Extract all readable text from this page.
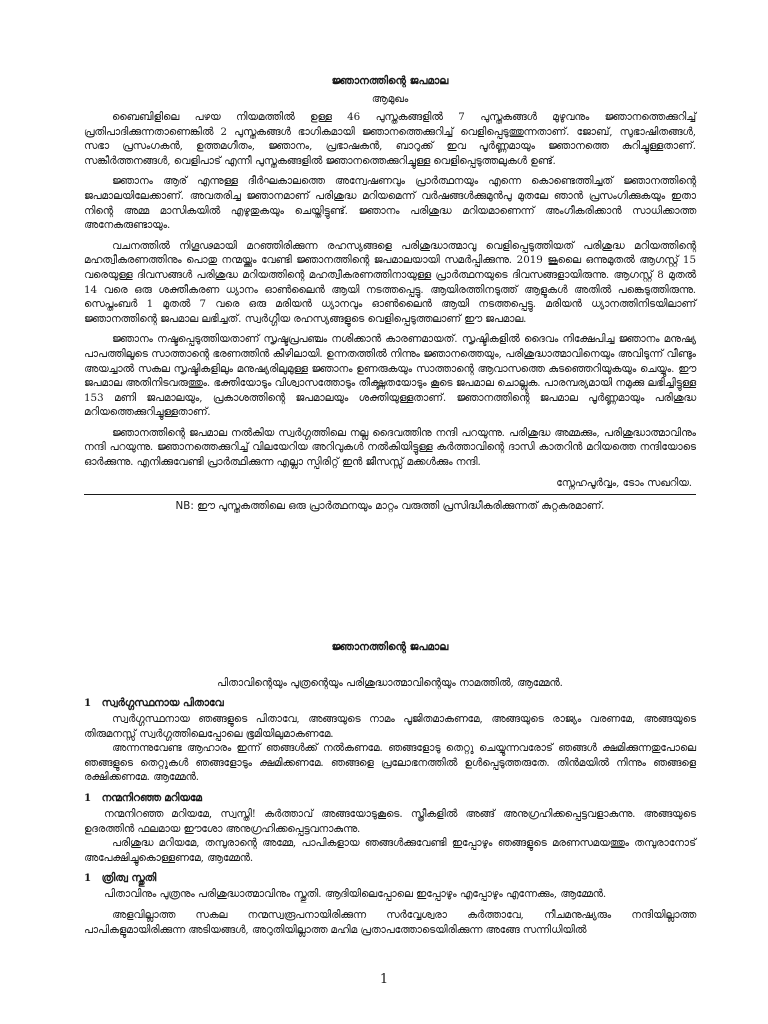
ജ്ഞാനത്തിന്റെ ജപമാല
ആമുഖം

ബൈബിളിലെ പഴയ നിയമത്തിൽ ഉള്ള 46 പുസ്തകങ്ങളിൽ 7 പുസ്തകങ്ങൾ മുഴുവനും ജ്ഞാനത്തെക്കുറിച്ച് പ്രതിപാദിക്കുന്നതാണെങ്കിൽ 2 പുസ്തകങ്ങൾ ഭാഗികമായി ജ്ഞാനത്തെക്കുറിച്ച് വെളിപ്പെടുത്തുന്നതാണ്. ജോബ്, സുഭാഷിതങ്ങൾ, സഭാ പ്രസംഗകൻ, ഉത്തമഗീതം, ജ്ഞാനം, പ്രഭാഷകൻ, ബാറുക്ക് ഇവ പൂർണ്ണമായും ജ്ഞാനത്തെ കുറിച്ചുള്ളതാണ്. സങ്കീർത്തനങ്ങൾ, വെളിപാട് എന്നീ പുസ്തകങ്ങളിൽ ജ്ഞാനത്തെക്കുറിച്ചുള്ള വെളിപ്പെടുത്തലുകൾ ഉണ്ട്.

ജ്ഞാനം ആര് എന്നുള്ള ദീർഘകാലത്തെ അന്വേഷണവും പ്രാർത്ഥനയും എന്നെ കൊണ്ടെത്തിച്ചത് ജ്ഞാനത്തിന്റെ ജപമാലയിലേക്കാണ്. അവതരിച്ച ജ്ഞാനമാണ് പരിശുദ്ധ മറിയമെന്ന് വർഷങ്ങൾക്കുമുൻപു മുതലേ ഞാൻ പ്രസംഗിക്കുകയും ഇതാ നിന്റെ അമ്മ മാസികയിൽ എഴുതുകയും ചെയ്തിട്ടുണ്ട്. ജ്ഞാനം പരിശുദ്ധ മറിയമാണെന്ന് അംഗീകരിക്കാൻ സാധിക്കാത്ത അനേകരുണ്ടായും.

വചനത്തിൽ നിഗൂഢമായി മറഞ്ഞിരിക്കുന്ന രഹസ്യങ്ങളെ പരിശുദ്ധാത്മാവു വെളിപ്പെടുത്തിയത് പരിശുദ്ധ മറിയത്തിന്റെ മഹത്വീകരണത്തിനും പൊതു നന്മയ്ക്കും വേണ്ടി ജ്ഞാനത്തിന്റെ ജപമാലയായി സമർപ്പിക്കുന്നു. 2019 ജൂലൈ ഒന്നുമുതൽ ആഗസ്റ്റ് 15 വരെയുള്ള ദിവസങ്ങൾ പരിശുദ്ധ മറിയത്തിന്റെ മഹത്വീകരണത്തിനായുള്ള പ്രാർത്ഥനയുടെ ദിവസങ്ങളായിരുന്നു. ആഗസ്റ്റ് 8 മുതൽ 14 വരെ ഒരു ശക്തീകരണ ധ്യാനം ഓൺലൈൻ ആയി നടത്തപ്പെട്ടു. ആയിരത്തിനടുത്ത് ആളുകൾ അതിൽ പങ്കെടുത്തിരുന്നു. സെപ്തംബർ 1 മുതൽ 7 വരെ ഒരു മരിയൻ ധ്യാനവും ഓൺലൈൻ ആയി നടത്തപ്പെട്ടു. മരിയൻ ധ്യാനത്തിനിടയിലാണ് ജ്ഞാനത്തിന്റെ ജപമാല ലഭിച്ചത്. സ്വർഗ്ഗീയ രഹസ്യങ്ങളുടെ വെളിപ്പെടുത്തലാണ് ഈ ജപമാല.

ജ്ഞാനം നഷ്ടപ്പെടുത്തിയതാണ് സൃഷ്ടപ്രപഞ്ചം നശിക്കാൻ കാരണമായത്. സൃഷ്ടികളിൽ ദൈവം നിക്ഷേപിച്ച ജ്ഞാനം മനുഷ്യ പാപത്തിലൂടെ സാത്താന്റെ ഭരണത്തിൻ കീഴിലായി. ഉന്നതത്തിൽ നിന്നും ജ്ഞാനത്തെയും, പരിശുദ്ധാത്മാവിനെയും അവിടുന്ന് വീണ്ടും അയച്ചാൽ സകല സൃഷ്ടികളിലും മനുഷ്യരിലുമുള്ള ജ്ഞാനം ഉണരുകയും സാത്താന്റെ ആവാസത്തെ കുടഞ്ഞെറിയുകയും ചെയ്യും. ഈ ജപമാല അതിനിടവരുത്തും. ഭക്തിയോടും വിശ്വാസത്തോടും തീക്ഷ്ണതയോടും കൂടെ ജപമാല ചൊല്ലുക. പാരമ്പര്യമായി നമുക്കു ലഭിച്ചിട്ടുള്ള 153 മണി ജപമാലയും, പ്രകാശത്തിന്റെ ജപമാലയും ശക്തിയുള്ളതാണ്. ജ്ഞാനത്തിന്റെ ജപമാല പൂർണ്ണമായും പരിശുദ്ധ മറിയത്തെക്കുറിച്ചുള്ളതാണ്.

ജ്ഞാനത്തിന്റെ ജപമാല നൽകിയ സ്വർഗ്ഗത്തിലെ നല്ല ദൈവത്തിനു നന്ദി പറയുന്നു. പരിശുദ്ധ അമ്മക്കും, പരിശുദ്ധാത്മാവിനും നന്ദി പറയുന്നു. ജ്ഞാനത്തെക്കുറിച്ച് വിലയേറിയ അറിവുകൾ നൽകിയിട്ടുള്ള കർത്താവിന്റെ ദാസി കാതറിൻ മറിയത്തെ നന്ദിയോടെ ഓർക്കുന്നു. എനിക്കുവേണ്ടി പ്രാർത്ഥിക്കുന്ന എല്ലാ സ്പിരിറ്റ് ഇൻ ജീസസ്സ് മക്കൾക്കും നന്ദി.

സ്നേഹപൂർവ്വം, ടോം സഖറിയ.
NB: ഈ പുസ്തകത്തിലെ ഒരു പ്രാർത്ഥനയും മാറ്റം വരുത്തി പ്രസിദ്ധീകരിക്കുന്നത് കുറ്റകരമാണ്.
ജ്ഞാനത്തിന്റെ ജപമാല
പിതാവിന്റെയും പുത്രന്റെയും പരിശുദ്ധാത്മാവിന്റെയും നാമത്തിൽ, ആമ്മേൻ.
1 സ്വർഗ്ഗസ്ഥനായ പിതാവേ

സ്വർഗ്ഗസ്ഥനായ ഞങ്ങളുടെ പിതാവേ, അങ്ങയുടെ നാമം പൂജിതമാകണമേ, അങ്ങയുടെ രാജ്യം വരണമേ, അങ്ങയുടെ തിരുമനസ്സ് സ്വർഗ്ഗത്തിലെപ്പോലെ ഭൂമിയിലുമാകണമേ.

അന്നന്നുവേണ്ട ആഹാരം ഇന്ന് ഞങ്ങൾക്ക് നൽകണമേ. ഞങ്ങളോടു തെറ്റു ചെയ്യുന്നവരോട് ഞങ്ങൾ ക്ഷമിക്കുന്നതുപോലെ ഞങ്ങളുടെ തെറ്റുകൾ ഞങ്ങളോടും ക്ഷമിക്കണമേ. ഞങ്ങളെ പ്രലോഭനത്തിൽ ഉൾപ്പെടുത്തരുതേ. തിൻമയിൽ നിന്നും ഞങ്ങളെ രക്ഷിക്കണമേ. ആമ്മേൻ.

1 നന്മനിറഞ്ഞ മറിയമേ

നന്മനിറഞ്ഞ മറിയമേ, സ്വസ്തി! കർത്താവ് അങ്ങയോടുകൂടെ. സ്ത്രീകളിൽ അങ്ങ് അനുഗ്രഹിക്കപ്പെട്ടവളാകുന്നു. അങ്ങയുടെ ഉദരത്തിൻ ഫലമായ ഈശോ അനുഗ്രഹിക്കപ്പെട്ടവനാകുന്നു.

പരിശുദ്ധ മറിയമേ, തമ്പുരാന്റെ അമ്മേ, പാപികളായ ഞങ്ങൾക്കുവേണ്ടി ഇപ്പോഴും ഞങ്ങളുടെ മരണസമയത്തും തമ്പുരാനോട് അപേക്ഷിച്ചുകൊള്ളണമേ, ആമ്മേൻ.

1 ത്രിത്വ സ്തുതി

പിതാവിനും പുത്രനും പരിശുദ്ധാത്മാവിനും സ്തുതി. ആദിയിലെപ്പോലെ ഇപ്പോഴും എപ്പോഴും എന്നേക്കും, ആമ്മേൻ.

അളവില്ലാത്ത സകല നന്മസ്വരൂപനായിരിക്കുന്ന സർവ്വേശ്വരാ കർത്താവേ, നീചമനുഷ്യരും നന്ദിയില്ലാത്ത പാപികളുമായിരിക്കുന്ന അടിയങ്ങൾ, അറുതിയില്ലാത്ത മഹിമ പ്രതാപത്തോടെയിരിക്കുന്ന അങ്ങേ സന്നിധിയിൽ

1
